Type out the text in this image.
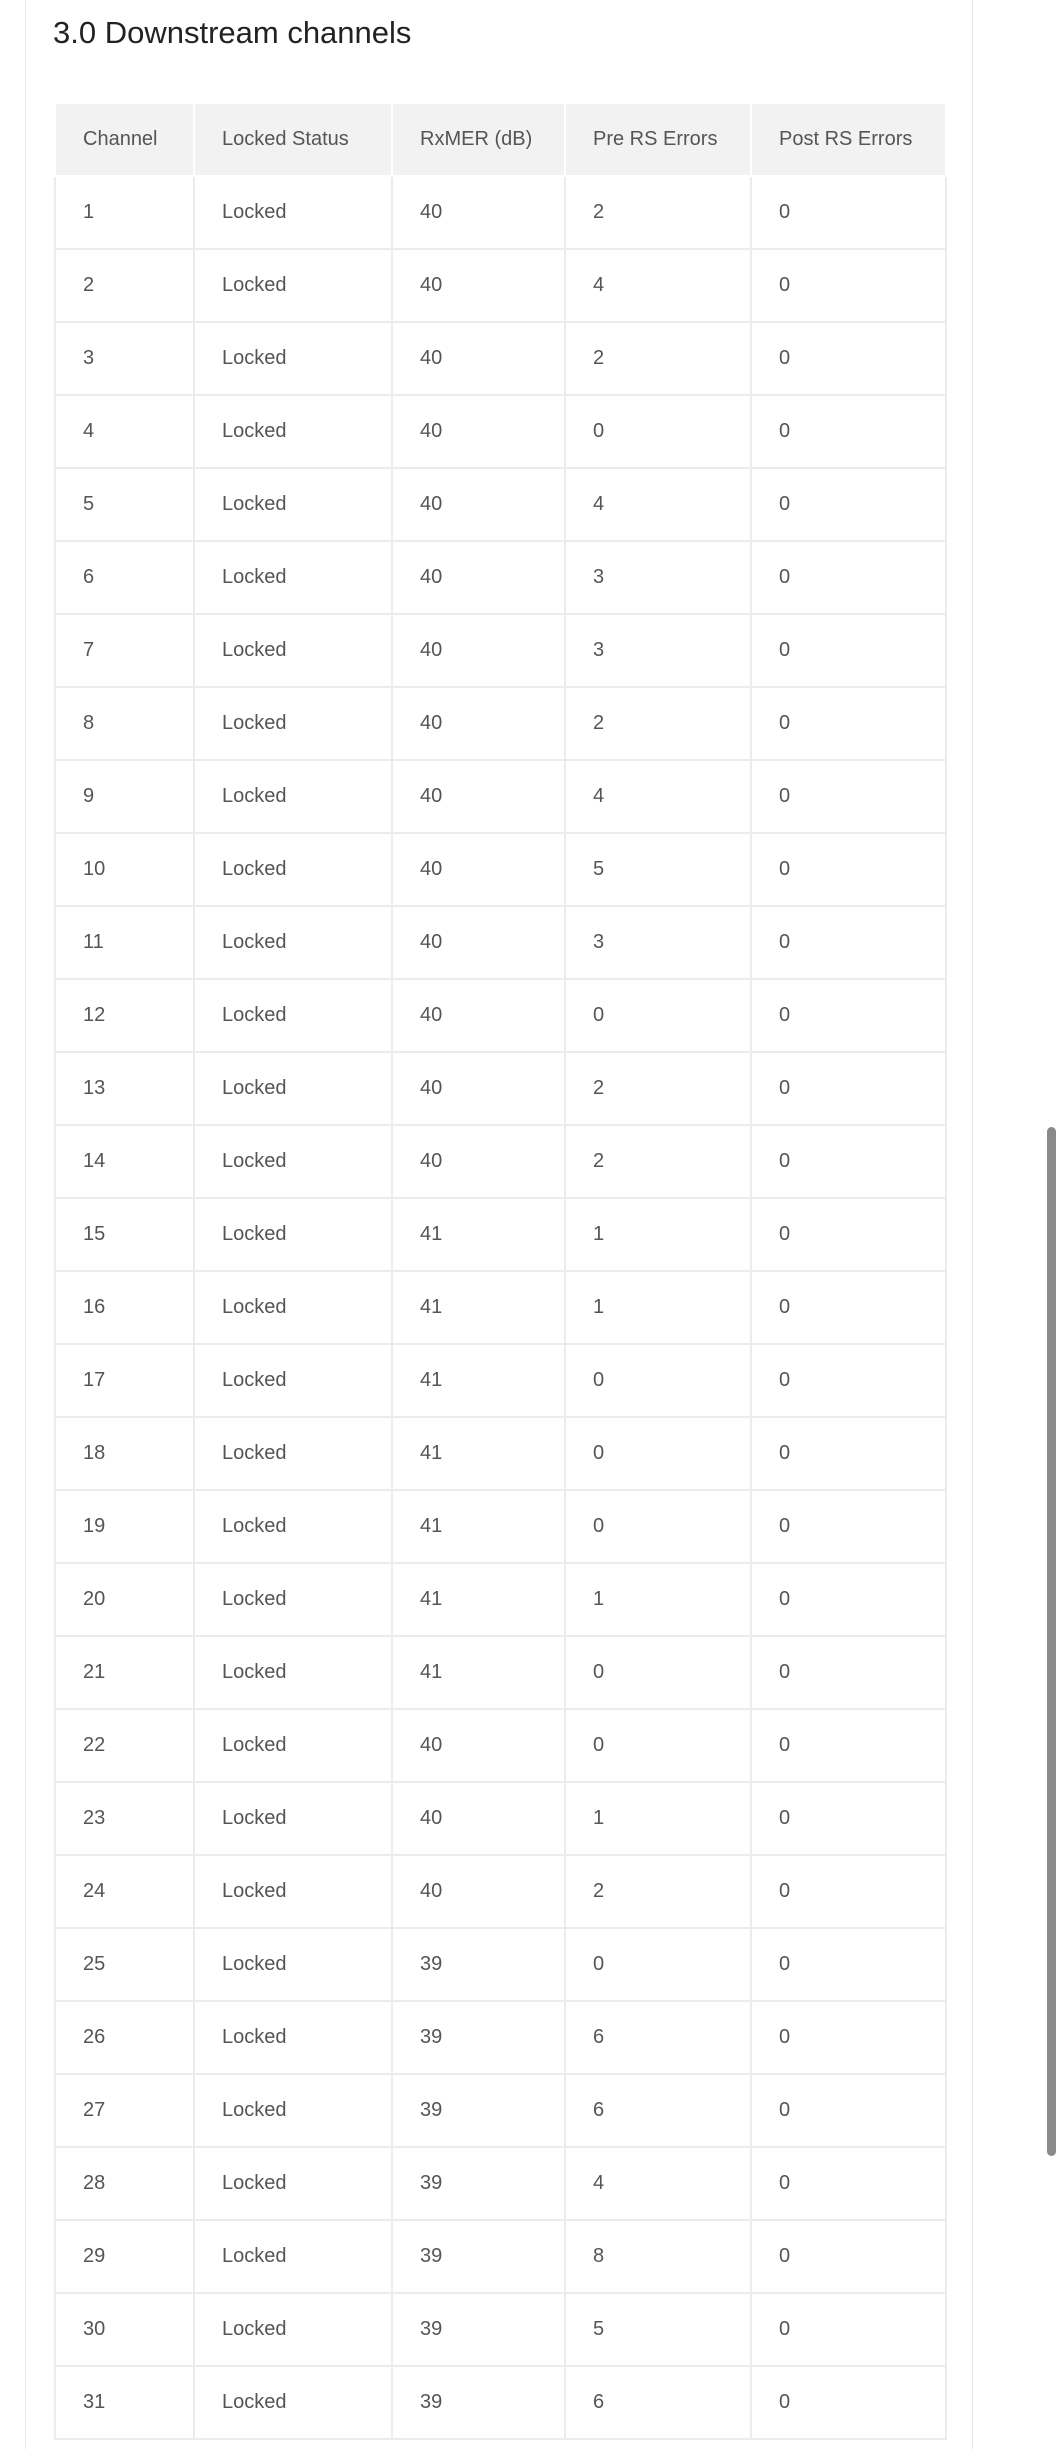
3.0 Downstream channels
Channel	Locked Status	RxMER (dB)	Pre RS Errors	Post RS Errors
1	Locked	40	2	0
2	Locked	40	4	0
3	Locked	40	2	0
4	Locked	40	0	0
5	Locked	40	4	0
6	Locked	40	3	0
7	Locked	40	3	0
8	Locked	40	2	0
9	Locked	40	4	0
10	Locked	40	5	0
11	Locked	40	3	0
12	Locked	40	0	0
13	Locked	40	2	0
14	Locked	40	2	0
15	Locked	41	1	0
16	Locked	41	1	0
17	Locked	41	0	0
18	Locked	41	0	0
19	Locked	41	0	0
20	Locked	41	1	0
21	Locked	41	0	0
22	Locked	40	0	0
23	Locked	40	1	0
24	Locked	40	2	0
25	Locked	39	0	0
26	Locked	39	6	0
27	Locked	39	6	0
28	Locked	39	4	0
29	Locked	39	8	0
30	Locked	39	5	0
31	Locked	39	6	0
